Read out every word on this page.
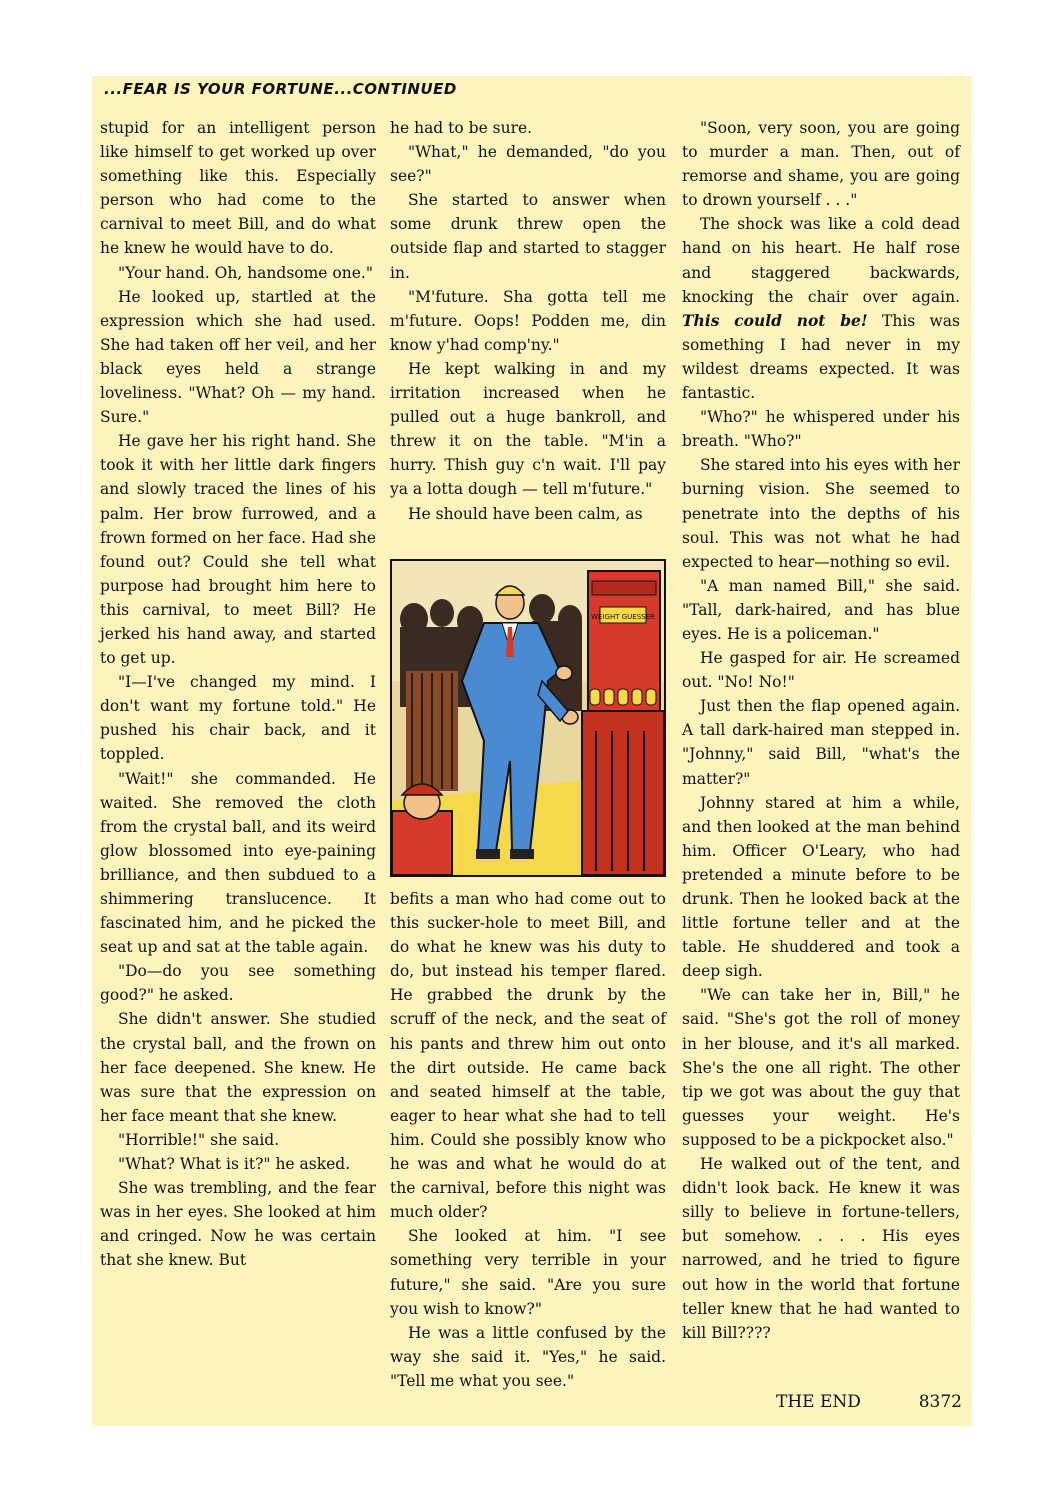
...FEAR IS YOUR FORTUNE...CONTINUED

stupid for an intelligent person like himself to get worked up over something like this. Especially person who had come to the carnival to meet Bill, and do what he knew he would have to do.

"Your hand. Oh, handsome one."

He looked up, startled at the expression which she had used. She had taken off her veil, and her black eyes held a strange loveliness. "What? Oh — my hand. Sure."

He gave her his right hand. She took it with her little dark fingers and slowly traced the lines of his palm. Her brow furrowed, and a frown formed on her face. Had she found out? Could she tell what purpose had brought him here to this carnival, to meet Bill? He jerked his hand away, and started to get up.

"I—I've changed my mind. I don't want my fortune told." He pushed his chair back, and it toppled.

"Wait!" she commanded. He waited. She removed the cloth from the crystal ball, and its weird glow blossomed into eye-paining brilliance, and then subdued to a shimmering translucence. It fascinated him, and he picked the seat up and sat at the table again.

"Do—do you see something good?" he asked.

She didn't answer. She studied the crystal ball, and the frown on her face deepened. She knew. He was sure that the expression on her face meant that she knew.

"Horrible!" she said.

"What? What is it?" he asked.

She was trembling, and the fear was in her eyes. She looked at him and cringed. Now he was certain that she knew. But

he had to be sure.

"What," he demanded, "do you see?"

She started to answer when some drunk threw open the outside flap and started to stagger in.

"M'future. Sha gotta tell me m'future. Oops! Podden me, din know y'had comp'ny."

He kept walking in and my irritation increased when he pulled out a huge bankroll, and threw it on the table. "M'in a hurry. Thish guy c'n wait. I'll pay ya a lotta dough — tell m'future."

He should have been calm, as

WEIGHT GUESSER

befits a man who had come out to this sucker-hole to meet Bill, and do what he knew was his duty to do, but instead his temper flared. He grabbed the drunk by the scruff of the neck, and the seat of his pants and threw him out onto the dirt outside. He came back and seated himself at the table, eager to hear what she had to tell him. Could she possibly know who he was and what he would do at the carnival, before this night was much older?

She looked at him. "I see something very terrible in your future," she said. "Are you sure you wish to know?"

He was a little confused by the way she said it. "Yes," he said. "Tell me what you see."

"Soon, very soon, you are going to murder a man. Then, out of remorse and shame, you are going to drown yourself . . ."

The shock was like a cold dead hand on his heart. He half rose and staggered backwards, knocking the chair over again. This could not be! This was something I had never in my wildest dreams expected. It was fantastic.

"Who?" he whispered under his breath. "Who?"

She stared into his eyes with her burning vision. She seemed to penetrate into the depths of his soul. This was not what he had expected to hear—nothing so evil.

"A man named Bill," she said. "Tall, dark-haired, and has blue eyes. He is a policeman."

He gasped for air. He screamed out. "No! No!"

Just then the flap opened again. A tall dark-haired man stepped in. "Johnny," said Bill, "what's the matter?"

Johnny stared at him a while, and then looked at the man behind him. Officer O'Leary, who had pretended a minute before to be drunk. Then he looked back at the little fortune teller and at the table. He shuddered and took a deep sigh.

"We can take her in, Bill," he said. "She's got the roll of money in her blouse, and it's all marked. She's the one all right. The other tip we got was about the guy that guesses your weight. He's supposed to be a pickpocket also."

He walked out of the tent, and didn't look back. He knew it was silly to believe in fortune-tellers, but somehow. . . . His eyes narrowed, and he tried to figure out how in the world that fortune teller knew that he had wanted to kill Bill????

THE END	8372
